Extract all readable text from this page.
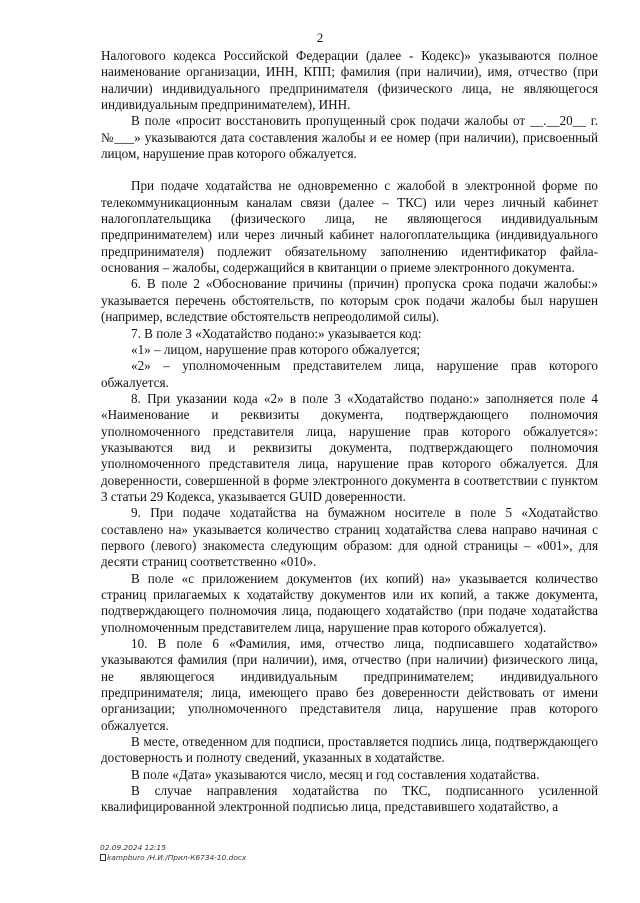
2

Налогового кодекса Российской Федерации (далее - Кодекс)» указываются полное наименование организации, ИНН, КПП; фамилия (при наличии), имя, отчество (при наличии) индивидуального предпринимателя (физического лица, не являющегося индивидуальным предпринимателем), ИНН.

В поле «просит восстановить пропущенный срок подачи жалобы от __.__20__ г. №___» указываются дата составления жалобы и ее номер (при наличии), присвоенный лицом, нарушение прав которого обжалуется.

При подаче ходатайства не одновременно с жалобой в электронной форме по телекоммуникационным каналам связи (далее – ТКС) или через личный кабинет налогоплательщика (физического лица, не являющегося индивидуальным предпринимателем) или через личный кабинет налогоплательщика (индивидуального предпринимателя) подлежит обязательному заполнению идентификатор файла-основания – жалобы, содержащийся в квитанции о приеме электронного документа.

6. В поле 2 «Обоснование причины (причин) пропуска срока подачи жалобы:» указывается перечень обстоятельств, по которым срок подачи жалобы был нарушен (например, вследствие обстоятельств непреодолимой силы).

7. В поле 3 «Ходатайство подано:» указывается код:

«1» – лицом, нарушение прав которого обжалуется;

«2» – уполномоченным представителем лица, нарушение прав которого обжалуется.

8. При указании кода «2» в поле 3 «Ходатайство подано:» заполняется поле 4 «Наименование и реквизиты документа, подтверждающего полномочия уполномоченного представителя лица, нарушение прав которого обжалуется»: указываются вид и реквизиты документа, подтверждающего полномочия уполномоченного представителя лица, нарушение прав которого обжалуется. Для доверенности, совершенной в форме электронного документа в соответствии с пунктом 3 статьи 29 Кодекса, указывается GUID доверенности.

9. При подаче ходатайства на бумажном носителе в поле 5 «Ходатайство составлено на» указывается количество страниц ходатайства слева направо начиная с первого (левого) знакоместа следующим образом: для одной страницы – «001», для десяти страниц соответственно «010».

В поле «с приложением документов (их копий) на» указывается количество страниц прилагаемых к ходатайству документов или их копий, а также документа, подтверждающего полномочия лица, подающего ходатайство (при подаче ходатайства уполномоченным представителем лица, нарушение прав которого обжалуется).

10. В поле 6 «Фамилия, имя, отчество лица, подписавшего ходатайство» указываются фамилия (при наличии), имя, отчество (при наличии) физического лица, не являющегося индивидуальным предпринимателем; индивидуального предпринимателя; лица, имеющего право без доверенности действовать от имени организации; уполномоченного представителя лица, нарушение прав которого обжалуется.

В месте, отведенном для подписи, проставляется подпись лица, подтверждающего достоверность и полноту сведений, указанных в ходатайстве.

В поле «Дата» указываются число, месяц и год составления ходатайства.

В случае направления ходатайства по ТКС, подписанного усиленной квалифицированной электронной подписью лица, представившего ходатайство, а

02.09.2024 12:15
kampburo /Н.И./Прил-К6734-10.docx
